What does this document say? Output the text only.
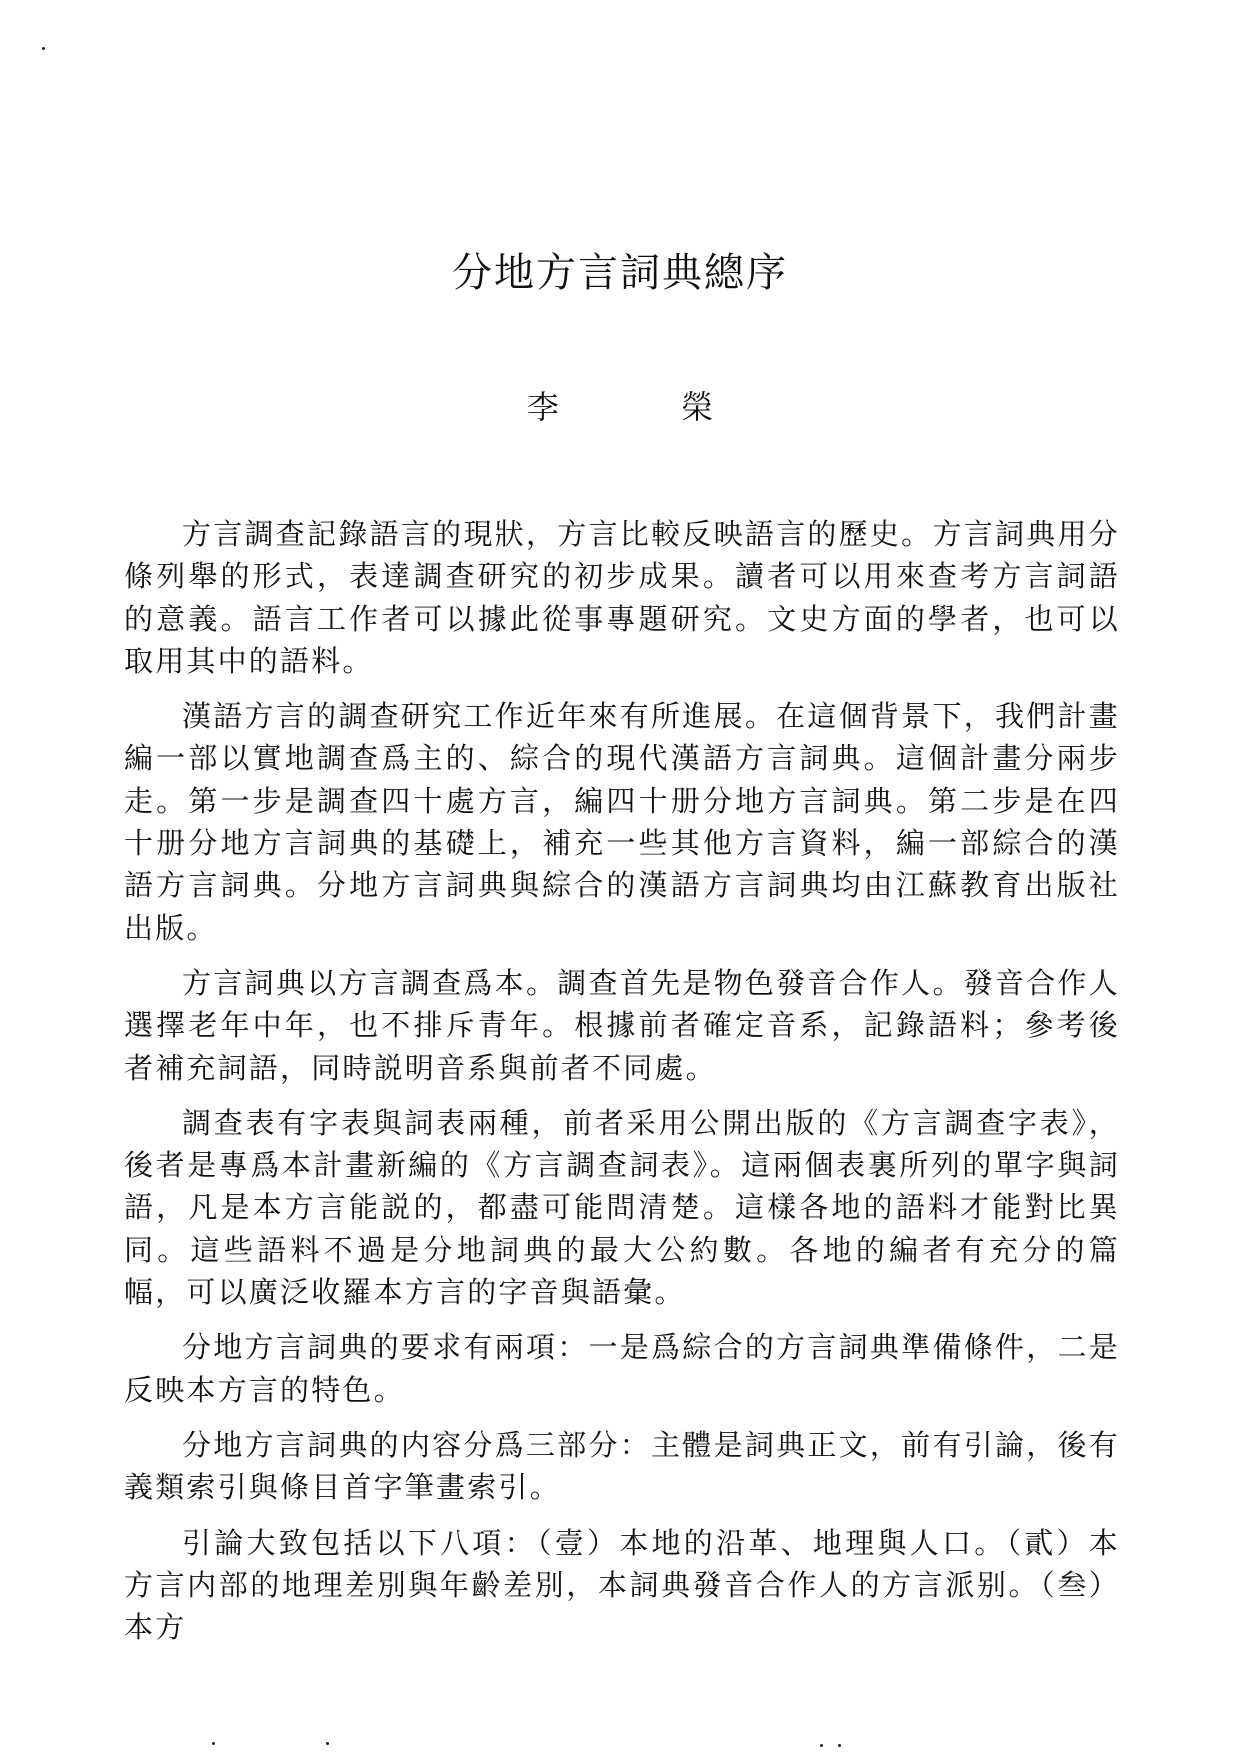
分地方言詞典總序

李 榮

方言調查記錄語言的現狀，方言比較反映語言的歷史。方言詞典用分條列舉的形式，表達調查研究的初步成果。讀者可以用來查考方言詞語的意義。語言工作者可以據此從事專題研究。文史方面的學者，也可以取用其中的語料。

漢語方言的調查研究工作近年來有所進展。在這個背景下，我們計畫編一部以實地調查爲主的、綜合的現代漢語方言詞典。這個計畫分兩步走。第一步是調查四十處方言，編四十册分地方言詞典。第二步是在四十册分地方言詞典的基礎上，補充一些其他方言資料，編一部綜合的漢語方言詞典。分地方言詞典與綜合的漢語方言詞典均由江蘇教育出版社出版。

方言詞典以方言調查爲本。調查首先是物色發音合作人。發音合作人選擇老年中年，也不排斥青年。根據前者確定音系，記錄語料；參考後者補充詞語，同時説明音系與前者不同處。

調查表有字表與詞表兩種，前者采用公開出版的《方言調查字表》，後者是專爲本計畫新編的《方言調查詞表》。這兩個表裏所列的單字與詞語，凡是本方言能説的，都盡可能問清楚。這樣各地的語料才能對比異同。這些語料不過是分地詞典的最大公約數。各地的編者有充分的篇幅，可以廣泛收羅本方言的字音與語彙。

分地方言詞典的要求有兩項：一是爲綜合的方言詞典準備條件，二是反映本方言的特色。

分地方言詞典的内容分爲三部分：主體是詞典正文，前有引論，後有義類索引與條目首字筆畫索引。

引論大致包括以下八項：（壹）本地的沿革、地理與人口。（貳）本方言内部的地理差別與年齡差別，本詞典發音合作人的方言派别。（叁）本方
